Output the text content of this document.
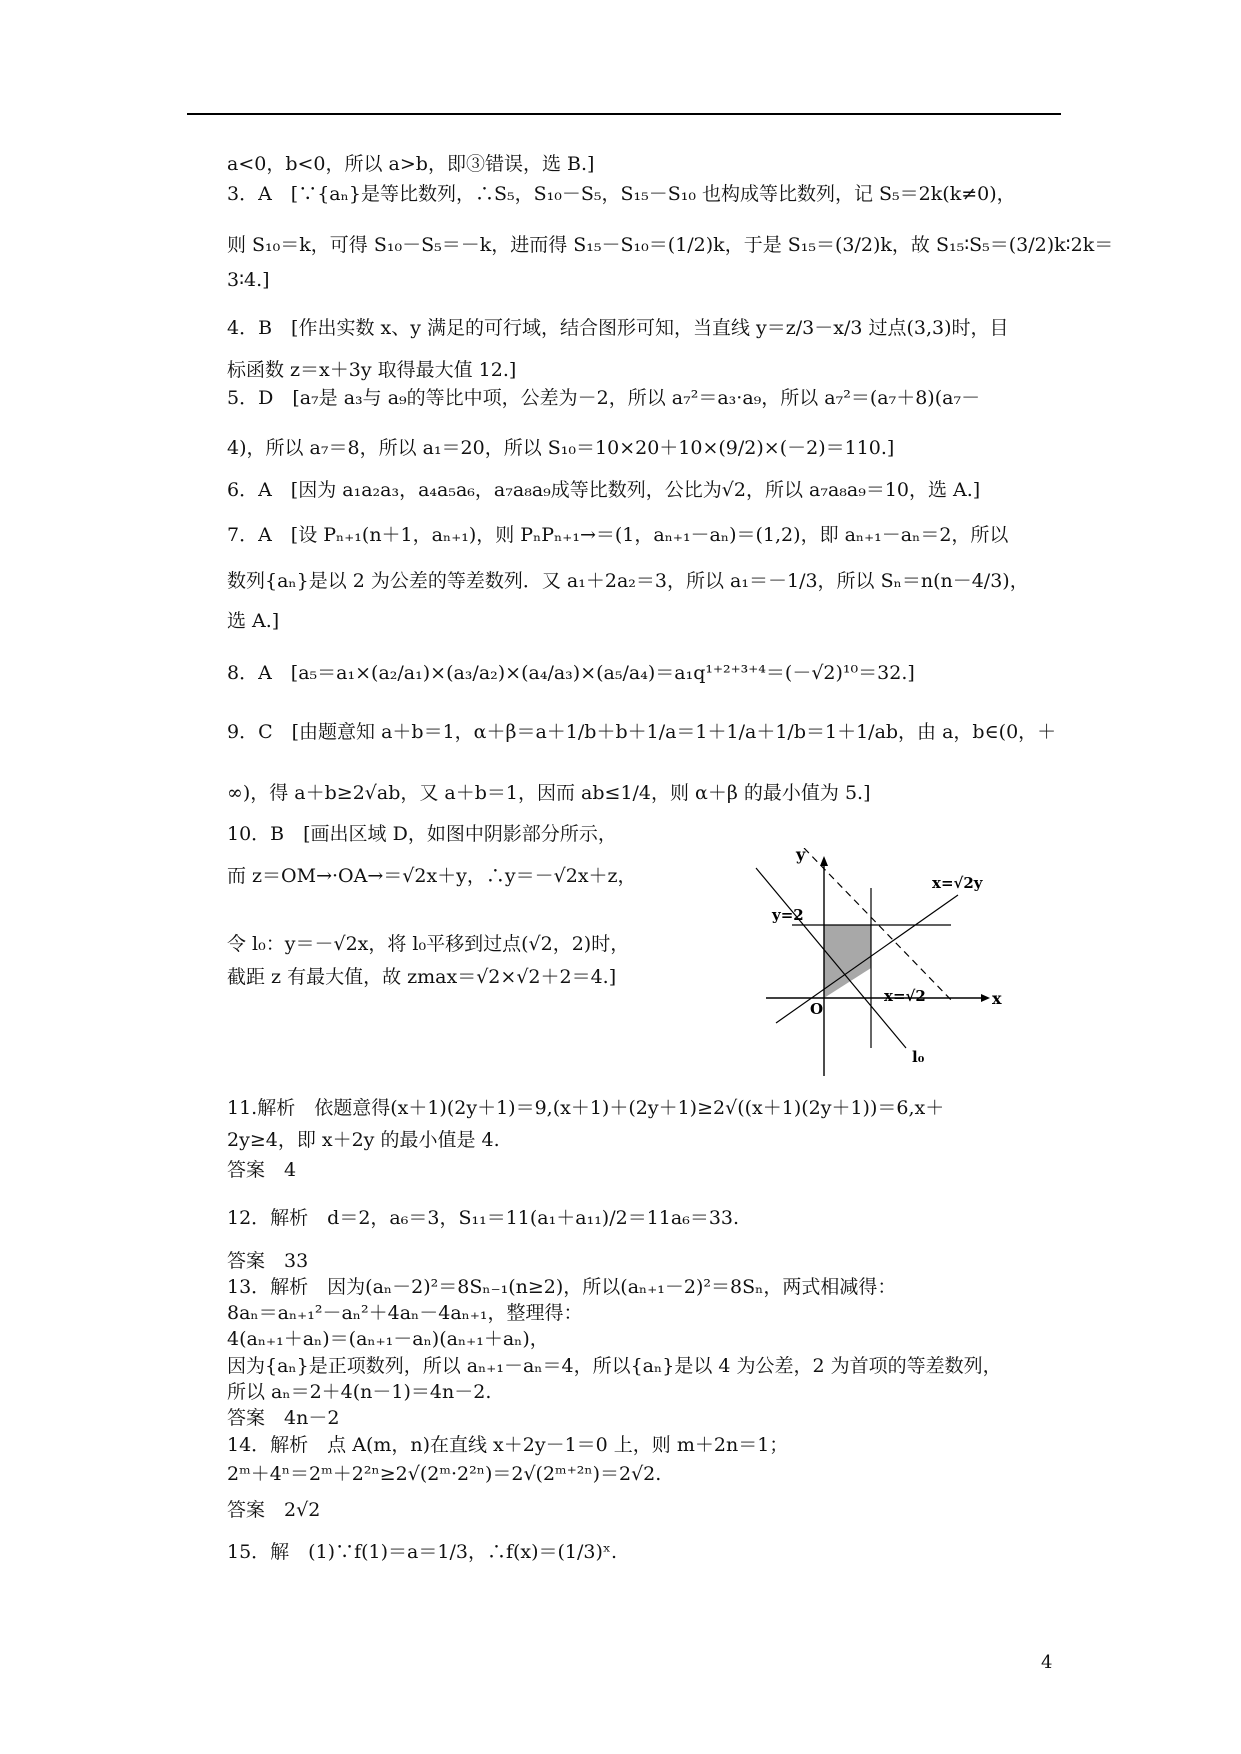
a<0，b<0，所以 a>b，即③错误，选 B.]
3．A　[∵{aₙ}是等比数列，∴S₅，S₁₀－S₅，S₁₅－S₁₀ 也构成等比数列，记 S₅＝2k(k≠0)，
则 S₁₀＝k，可得 S₁₀－S₅＝－k，进而得 S₁₅－S₁₀＝(1/2)k，于是 S₁₅＝(3/2)k，故 S₁₅∶S₅＝(3/2)k∶2k＝
3∶4.]
4．B　[作出实数 x、y 满足的可行域，结合图形可知，当直线 y＝z/3－x/3 过点(3,3)时，目
标函数 z＝x＋3y 取得最大值 12.]
5．D　[a₇是 a₃与 a₉的等比中项，公差为－2，所以 a₇²＝a₃·a₉，所以 a₇²＝(a₇＋8)(a₇－
4)，所以 a₇＝8，所以 a₁＝20，所以 S₁₀＝10×20＋10×(9/2)×(－2)＝110.]
6．A　[因为 a₁a₂a₃，a₄a₅a₆，a₇a₈a₉成等比数列，公比为√2，所以 a₇a₈a₉＝10，选 A.]
7．A　[设 Pₙ₊₁(n＋1，aₙ₊₁)，则 PₙPₙ₊₁→＝(1，aₙ₊₁－aₙ)＝(1,2)，即 aₙ₊₁－aₙ＝2，所以
数列{aₙ}是以 2 为公差的等差数列．又 a₁＋2a₂＝3，所以 a₁＝－1/3，所以 Sₙ＝n(n－4/3)，
选 A.]
8．A　[a₅＝a₁×(a₂/a₁)×(a₃/a₂)×(a₄/a₃)×(a₅/a₄)＝a₁q¹⁺²⁺³⁺⁴＝(－√2)¹⁰＝32.]
9．C　[由题意知 a＋b＝1，α＋β＝a＋1/b＋b＋1/a＝1＋1/a＋1/b＝1＋1/ab，由 a，b∈(0，＋
∞)，得 a＋b≥2√ab，又 a＋b＝1，因而 ab≤1/4，则 α＋β 的最小值为 5.]
10．B　[画出区域 D，如图中阴影部分所示，
而 z＝OM→·OA→＝√2x＋y，∴y＝－√2x＋z，
令 l₀：y＝－√2x，将 l₀平移到过点(√2，2)时，
截距 z 有最大值，故 zmax＝√2×√2＋2＝4.]
11.解析　依题意得(x＋1)(2y＋1)＝9,(x＋1)＋(2y＋1)≥2√((x＋1)(2y＋1))＝6,x＋
2y≥4，即 x＋2y 的最小值是 4.
答案　4
12．解析　d＝2，a₆＝3，S₁₁＝11(a₁＋a₁₁)/2＝11a₆＝33.
答案　33
13．解析　因为(aₙ－2)²＝8Sₙ₋₁(n≥2)，所以(aₙ₊₁－2)²＝8Sₙ，两式相减得：
8aₙ＝aₙ₊₁²－aₙ²＋4aₙ－4aₙ₊₁，整理得：
4(aₙ₊₁＋aₙ)＝(aₙ₊₁－aₙ)(aₙ₊₁＋aₙ)，
因为{aₙ}是正项数列，所以 aₙ₊₁－aₙ＝4，所以{aₙ}是以 4 为公差，2 为首项的等差数列，
所以 aₙ＝2＋4(n－1)＝4n－2.
答案　4n－2
14．解析　点 A(m，n)在直线 x＋2y－1＝0 上，则 m＋2n＝1；
2ᵐ＋4ⁿ＝2ᵐ＋2²ⁿ≥2√(2ᵐ·2²ⁿ)＝2√(2ᵐ⁺²ⁿ)＝2√2.
答案　2√2
15．解　(1)∵f(1)＝a＝1/3，∴f(x)＝(1/3)ˣ.
y
x
O
y=2
x=√2y
x=√2
l₀
4
